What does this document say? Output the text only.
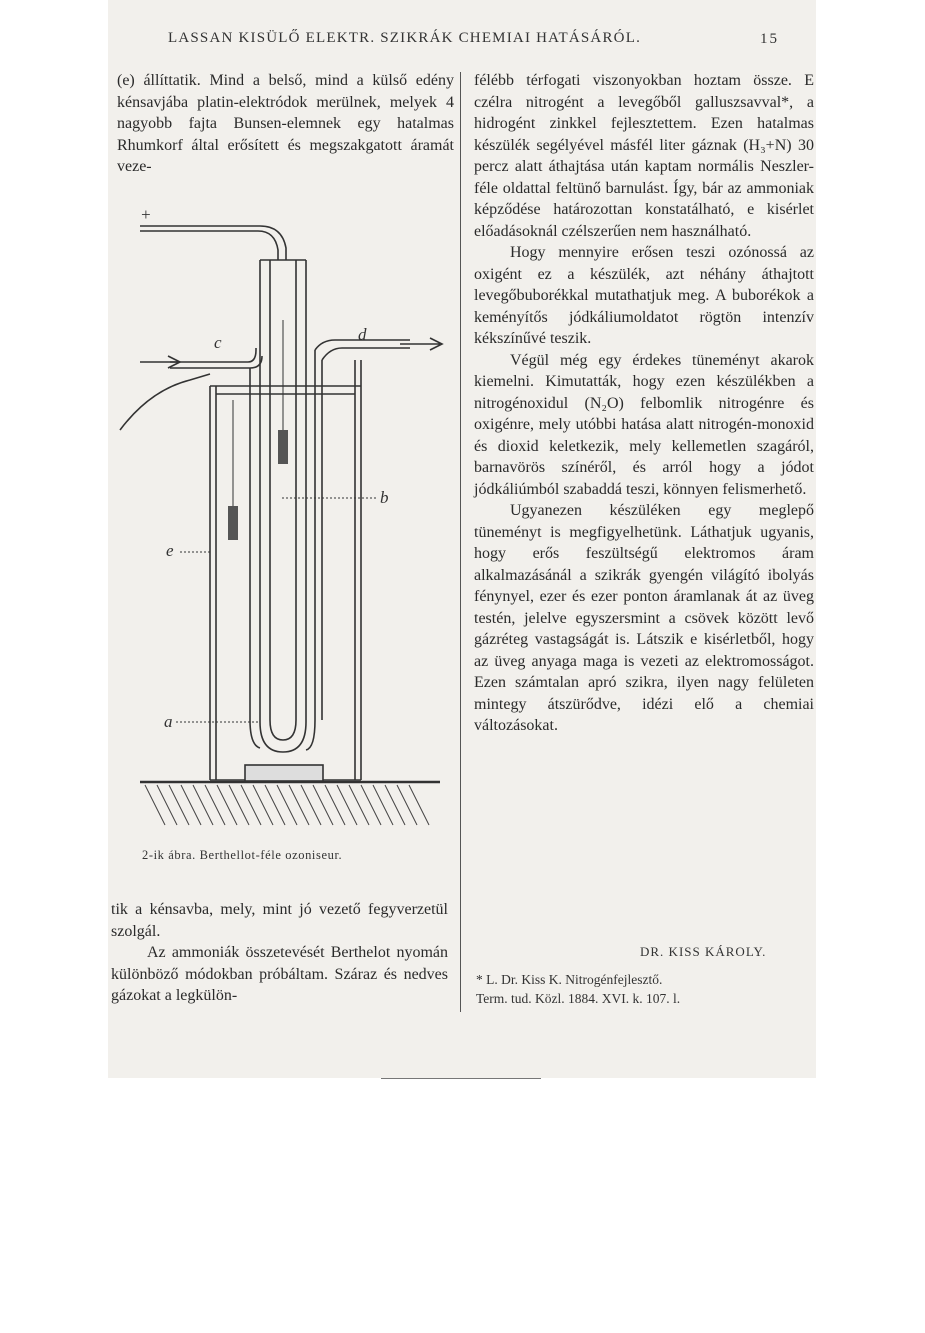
LASSAN KISÜLŐ ELEKTR. SZIKRÁK CHEMIAI HATÁSÁRÓL.	15

(e) állíttatik. Mind a belső, mind a külső edény kénsavjába platin-elektródok merülnek, melyek 4 nagyobb fajta Bunsen-elemnek egy hatalmas Rhumkorf által erősített és megszakgatott áramát veze-

+
c	d
b
e
a
2-ik ábra. Berthellot-féle ozoniseur.

tik a kénsavba, mely, mint jó vezető fegyverzetül szolgál.

Az ammoniák összetevését Berthelot nyomán különböző módokban próbáltam. Száraz és nedves gázokat a legkülön-

félébb térfogati viszonyokban hoztam össze. E czélra nitrogént a levegőből galluszsavval*, a hidrogént zinkkel fejlesztettem. Ezen hatalmas készülék segélyével másfél liter gáznak (H₃+N) 30 percz alatt áthajtása után kaptam normális Neszler-féle oldattal feltünő barnulást. Így, bár az ammoniak képződése határozottan konstatálható, e kisérlet előadásoknál czélszerűen nem használható.

Hogy mennyire erősen teszi ozónossá az oxigént ez a készülék, azt néhány áthajtott levegőbuborékkal mutathatjuk meg. A buborékok a keményítős jódkáliumoldatot rögtön intenzív kékszínűvé teszik.

Végül még egy érdekes tüneményt akarok kiemelni. Kimutatták, hogy ezen készülékben a nitrogénoxidul (N₂O) felbomlik nitrogénre és oxigénre, mely utóbbi hatása alatt nitrogén-monoxid és dioxid keletkezik, mely kellemetlen szagáról, barnavörös színéről, és arról hogy a jódot jódkáliúmból szabaddá teszi, könnyen felismerhető.

Ugyanezen készüléken egy meglepő tüneményt is megfigyelhetünk. Láthatjuk ugyanis, hogy erős feszültségű elektromos áram alkalmazásánál a szikrák gyengén világító ibolyás fénynyel, ezer és ezer ponton áramlanak át az üveg testén, jelelve egyszersmint a csövek között levő gázréteg vastagságát is. Látszik e kisérletből, hogy az üveg anyaga maga is vezeti az elektromosságot. Ezen számtalan apró szikra, ilyen nagy felületen mintegy átszürődve, idézi elő a chemiai változásokat.

DR. KISS KÁROLY.
* L. Dr. Kiss K. Nitrogénfejlesztő.
Term. tud. Közl. 1884. XVI. k. 107. l.
